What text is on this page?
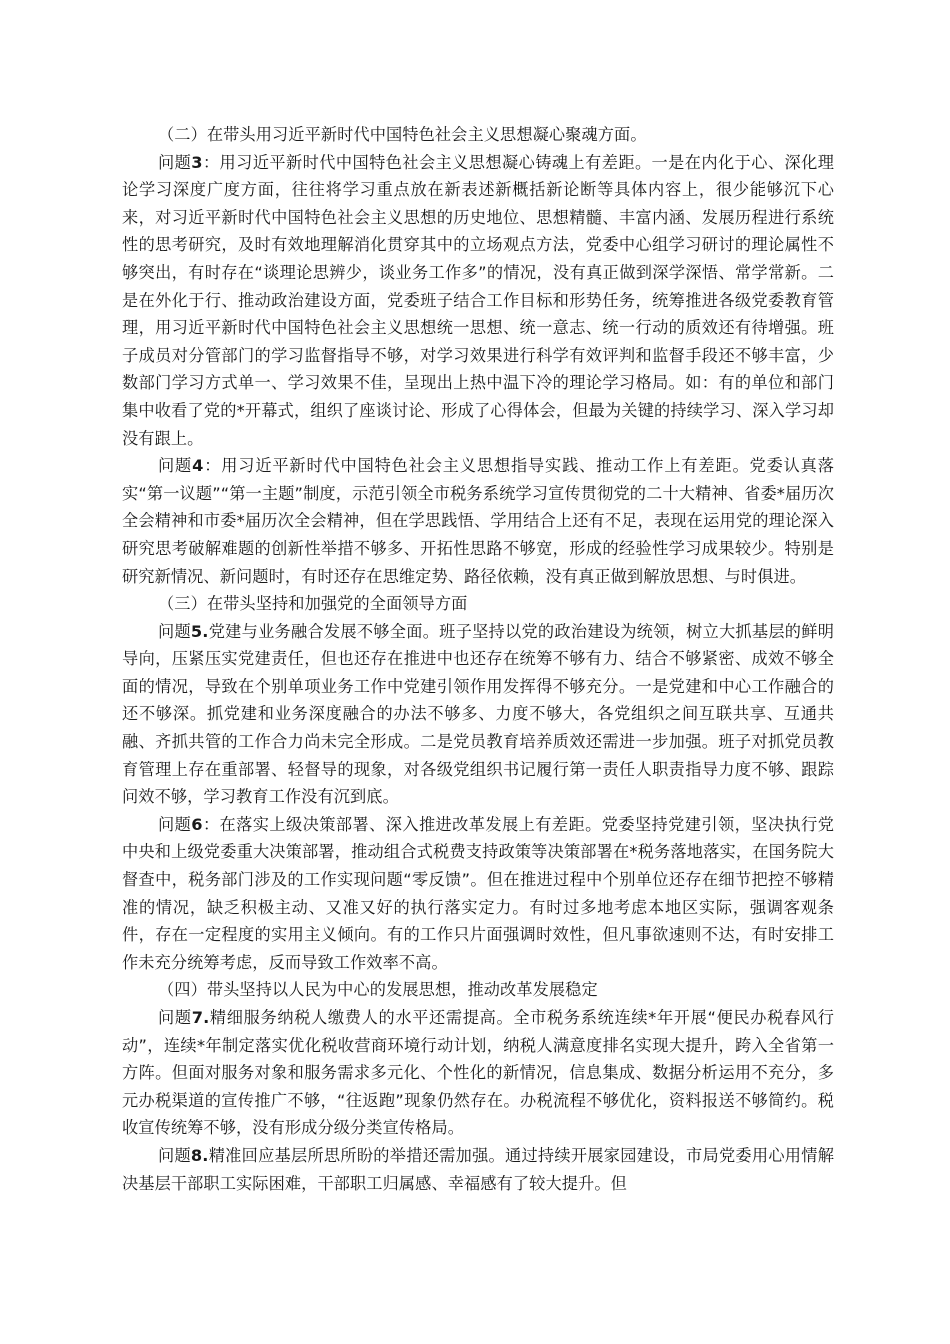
（二）在带头用习近平新时代中国特色社会主义思想凝心聚魂方面。

问题3：用习近平新时代中国特色社会主义思想凝心铸魂上有差距。一是在内化于心、深化理论学习深度广度方面，往往将学习重点放在新表述新概括新论断等具体内容上，很少能够沉下心来，对习近平新时代中国特色社会主义思想的历史地位、思想精髓、丰富内涵、发展历程进行系统性的思考研究，及时有效地理解消化贯穿其中的立场观点方法，党委中心组学习研讨的理论属性不够突出，有时存在“谈理论思辨少，谈业务工作多”的情况，没有真正做到深学深悟、常学常新。二是在外化于行、推动政治建设方面，党委班子结合工作目标和形势任务，统筹推进各级党委教育管理，用习近平新时代中国特色社会主义思想统一思想、统一意志、统一行动的质效还有待增强。班子成员对分管部门的学习监督指导不够，对学习效果进行科学有效评判和监督手段还不够丰富，少数部门学习方式单一、学习效果不佳，呈现出上热中温下冷的理论学习格局。如：有的单位和部门集中收看了党的*开幕式，组织了座谈讨论、形成了心得体会，但最为关键的持续学习、深入学习却没有跟上。

问题4：用习近平新时代中国特色社会主义思想指导实践、推动工作上有差距。党委认真落实“第一议题”“第一主题”制度，示范引领全市税务系统学习宣传贯彻党的二十大精神、省委*届历次全会精神和市委*届历次全会精神，但在学思践悟、学用结合上还有不足，表现在运用党的理论深入研究思考破解难题的创新性举措不够多、开拓性思路不够宽，形成的经验性学习成果较少。特别是研究新情况、新问题时，有时还存在思维定势、路径依赖，没有真正做到解放思想、与时俱进。

（三）在带头坚持和加强党的全面领导方面

问题5.党建与业务融合发展不够全面。班子坚持以党的政治建设为统领，树立大抓基层的鲜明导向，压紧压实党建责任，但也还存在推进中也还存在统筹不够有力、结合不够紧密、成效不够全面的情况，导致在个别单项业务工作中党建引领作用发挥得不够充分。一是党建和中心工作融合的还不够深。抓党建和业务深度融合的办法不够多、力度不够大，各党组织之间互联共享、互通共融、齐抓共管的工作合力尚未完全形成。二是党员教育培养质效还需进一步加强。班子对抓党员教育管理上存在重部署、轻督导的现象，对各级党组织书记履行第一责任人职责指导力度不够、跟踪问效不够，学习教育工作没有沉到底。

问题6：在落实上级决策部署、深入推进改革发展上有差距。党委坚持党建引领，坚决执行党中央和上级党委重大决策部署，推动组合式税费支持政策等决策部署在*税务落地落实，在国务院大督查中，税务部门涉及的工作实现问题“零反馈”。但在推进过程中个别单位还存在细节把控不够精准的情况，缺乏积极主动、又准又好的执行落实定力。有时过多地考虑本地区实际，强调客观条件，存在一定程度的实用主义倾向。有的工作只片面强调时效性，但凡事欲速则不达，有时安排工作未充分统筹考虑，反而导致工作效率不高。

（四）带头坚持以人民为中心的发展思想，推动改革发展稳定

问题7.精细服务纳税人缴费人的水平还需提高。全市税务系统连续*年开展“便民办税春风行动”，连续*年制定落实优化税收营商环境行动计划，纳税人满意度排名实现大提升，跨入全省第一方阵。但面对服务对象和服务需求多元化、个性化的新情况，信息集成、数据分析运用不充分，多元办税渠道的宣传推广不够，“往返跑”现象仍然存在。办税流程不够优化，资料报送不够简约。税收宣传统筹不够，没有形成分级分类宣传格局。

问题8.精准回应基层所思所盼的举措还需加强。通过持续开展家园建设，市局党委用心用情解决基层干部职工实际困难，干部职工归属感、幸福感有了较大提升。但
